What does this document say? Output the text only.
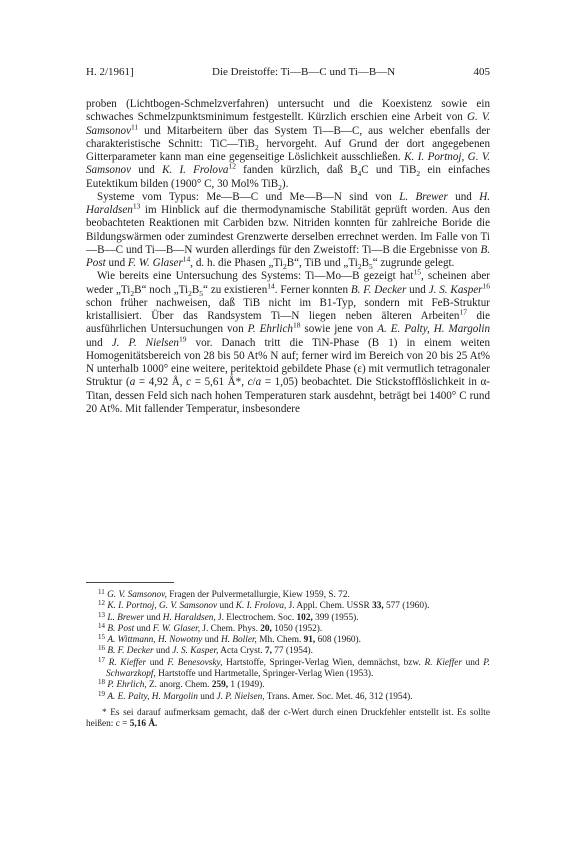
H. 2/1961]	Die Dreistoffe: Ti—B—C und Ti—B—N	405

proben (Lichtbogen-Schmelzverfahren) untersucht und die Koexistenz sowie ein schwaches Schmelzpunktsminimum festgestellt. Kürzlich erschien eine Arbeit von G. V. Samsonov$^{11}$ und Mitarbeitern über das System Ti—B—C, aus welcher ebenfalls der charakteristische Schnitt: TiC—TiB$_2$ hervorgeht. Auf Grund der dort angegebenen Gitterparameter kann man eine gegenseitige Löslichkeit ausschließen. K. I. Portnoj, G. V. Samsonov und K. I. Frolova$^{12}$ fanden kürzlich, daß $B_4C$ und TiB$_2$ ein einfaches Eutektikum bilden (1900° C, 30 Mol% TiB$_2$).

Systeme vom Typus: Me—B—C und Me—B—N sind von L. Brewer und H. Haraldsen$^{13}$ im Hinblick auf die thermodynamische Stabilität geprüft worden. Aus den beobachteten Reaktionen mit Carbiden bzw. Nitriden konnten für zahlreiche Boride die Bildungswärmen oder zumindest Grenzwerte derselben errechnet werden. Im Falle von Ti—B—C und Ti—B—N wurden allerdings für den Zweistoff: Ti—B die Ergebnisse von B. Post und F. W. Glaser$^{14}$, d. h. die Phasen $„Ti_2B“$, TiB und $„Ti_2B_5“$ zugrunde gelegt.

Wie bereits eine Untersuchung des Systems: Ti—Mo—B gezeigt hat$^{15}$, scheinen aber weder $„Ti_2B“$ noch $„Ti_2B_5“$ zu existieren$^{14}$. Ferner konnten B. F. Decker und J. S. Kasper$^{16}$ schon früher nachweisen, daß TiB nicht im B1-Typ, sondern mit FeB-Struktur kristallisiert. Über das Randsystem Ti—N liegen neben älteren Arbeiten$^{17}$ die ausführlichen Untersuchungen von P. Ehrlich$^{18}$ sowie jene von A. E. Palty, H. Margolin und J. P. Nielsen$^{19}$ vor. Danach tritt die TiN-Phase (B 1) in einem weiten Homogenitätsbereich von 28 bis 50 At% N auf; ferner wird im Bereich von 20 bis 25 At% N unterhalb 1000° eine weitere, peritektoid gebildete Phase (ε) mit vermutlich tetragonaler Struktur (a = 4,92 Å, c = 5,61 Å*, c/a = 1,05) beobachtet. Die Stickstofflöslichkeit in α-Titan, dessen Feld sich nach hohen Temperaturen stark ausdehnt, beträgt bei 1400° C rund 20 At%. Mit fallender Temperatur, insbesondere

$^{11}$ G. V. Samsonov, Fragen der Pulvermetallurgie, Kiew 1959, S. 72.

$^{12}$ K. I. Portnoj, G. V. Samsonov und K. I. Frolova, J. Appl. Chem. USSR 33, 577 (1960).

$^{13}$ L. Brewer und H. Haraldsen, J. Electrochem. Soc. 102, 399 (1955).

$^{14}$ B. Post und F. W. Glaser, J. Chem. Phys. 20, 1050 (1952).

$^{15}$ A. Wittmann, H. Nowotny und H. Boller, Mh. Chem. 91, 608 (1960).

$^{16}$ B. F. Decker und J. S. Kasper, Acta Cryst. 7, 77 (1954).

$^{17}$ R. Kieffer und F. Benesovsky, Hartstoffe, Springer-Verlag Wien, demnächst, bzw. R. Kieffer und P. Schwarzkopf, Hartstoffe und Hartmetalle, Springer-Verlag Wien (1953).

$^{18}$ P. Ehrlich, Z. anorg. Chem. 259, 1 (1949).

$^{19}$ A. E. Palty, H. Margolin und J. P. Nielsen, Trans. Amer. Soc. Met. 46, 312 (1954).

* Es sei darauf aufmerksam gemacht, daß der c-Wert durch einen Druckfehler entstellt ist. Es sollte heißen: c = 5,16 Å.
